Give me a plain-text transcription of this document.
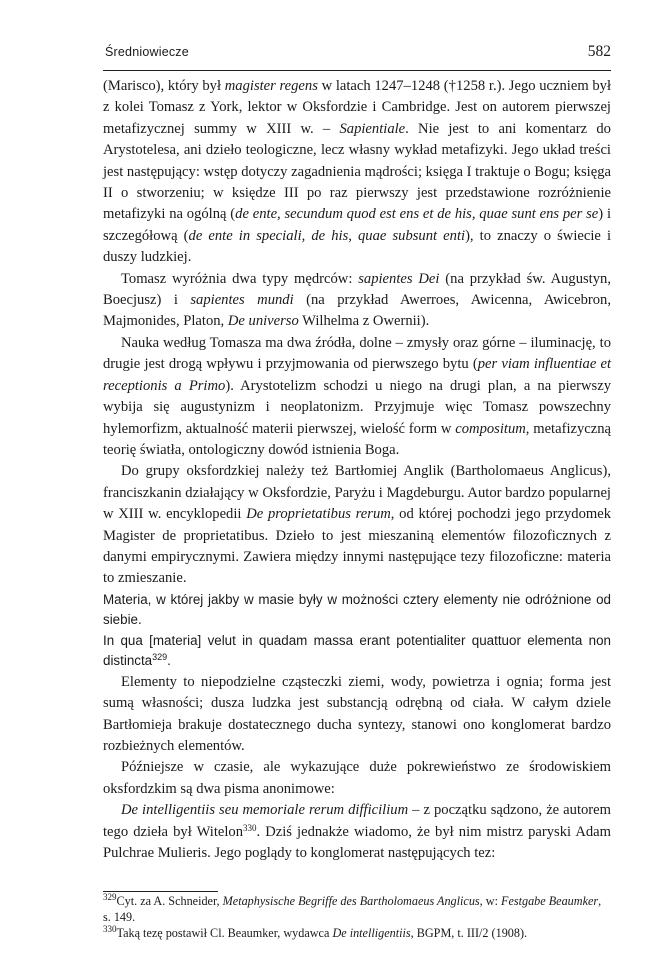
Średniowiecze	582

(Marisco), który był magister regens w latach 1247–1248 (†1258 r.). Jego uczniem był z kolei Tomasz z York, lektor w Oksfordzie i Cambridge. Jest on autorem pierwszej metafizycznej summy w XIII w. – Sapientiale. Nie jest to ani komentarz do Arystotelesa, ani dzieło teologiczne, lecz własny wykład metafizyki. Jego układ treści jest następujący: wstęp dotyczy zagadnienia mądrości; księga I traktuje o Bogu; księga II o stworzeniu; w księdze III po raz pierwszy jest przedstawione rozróżnienie metafizyki na ogólną (de ente, secundum quod est ens et de his, quae sunt ens per se) i szczegółową (de ente in speciali, de his, quae subsunt enti), to znaczy o świecie i duszy ludzkiej.

Tomasz wyróżnia dwa typy mędrców: sapientes Dei (na przykład św. Augustyn, Boecjusz) i sapientes mundi (na przykład Awerroes, Awicenna, Awicebron, Majmonides, Platon, De universo Wilhelma z Owernii).

Nauka według Tomasza ma dwa źródła, dolne – zmysły oraz górne – iluminację, to drugie jest drogą wpływu i przyjmowania od pierwszego bytu (per viam influentiae et receptionis a Primo). Arystotelizm schodzi u niego na drugi plan, a na pierwszy wybija się augustynizm i neoplatonizm. Przyjmuje więc Tomasz powszechny hylemorfizm, aktualność materii pierwszej, wielość form w compositum, metafizyczną teorię światła, ontologiczny dowód istnienia Boga.

Do grupy oksfordzkiej należy też Bartłomiej Anglik (Bartholomaeus Anglicus), franciszkanin działający w Oksfordzie, Paryżu i Magdeburgu. Autor bardzo popularnej w XIII w. encyklopedii De proprietatibus rerum, od której pochodzi jego przydomek Magister de proprietatibus. Dzieło to jest mieszaniną elementów filozoficznych z danymi empirycznymi. Zawiera między innymi następujące tezy filozoficzne: materia to zmieszanie.

Materia, w której jakby w masie były w możności cztery elementy nie odróżnione od siebie.

In qua [materia] velut in quadam massa erant potentialiter quattuor elementa non distincta$^{329}$.

Elementy to niepodzielne cząsteczki ziemi, wody, powietrza i ognia; forma jest sumą własności; dusza ludzka jest substancją odrębną od ciała. W całym dziele Bartłomieja brakuje dostatecznego ducha syntezy, stanowi ono konglomerat bardzo rozbieżnych elementów.

Późniejsze w czasie, ale wykazujące duże pokrewieństwo ze środowiskiem oksfordzkim są dwa pisma anonimowe:

De intelligentiis seu memoriale rerum difficilium – z początku sądzono, że autorem tego dzieła był Witelon$^{330}$. Dziś jednakże wiadomo, że był nim mistrz paryski Adam Pulchrae Mulieris. Jego poglądy to konglomerat następujących tez:

$^{329}$Cyt. za A. Schneider, Metaphysische Begriffe des Bartholomaeus Anglicus, w: Festgabe Beaumker, s. 149.

$^{330}$Taką tezę postawił Cl. Beaumker, wydawca De intelligentiis, BGPM, t. III/2 (1908).
